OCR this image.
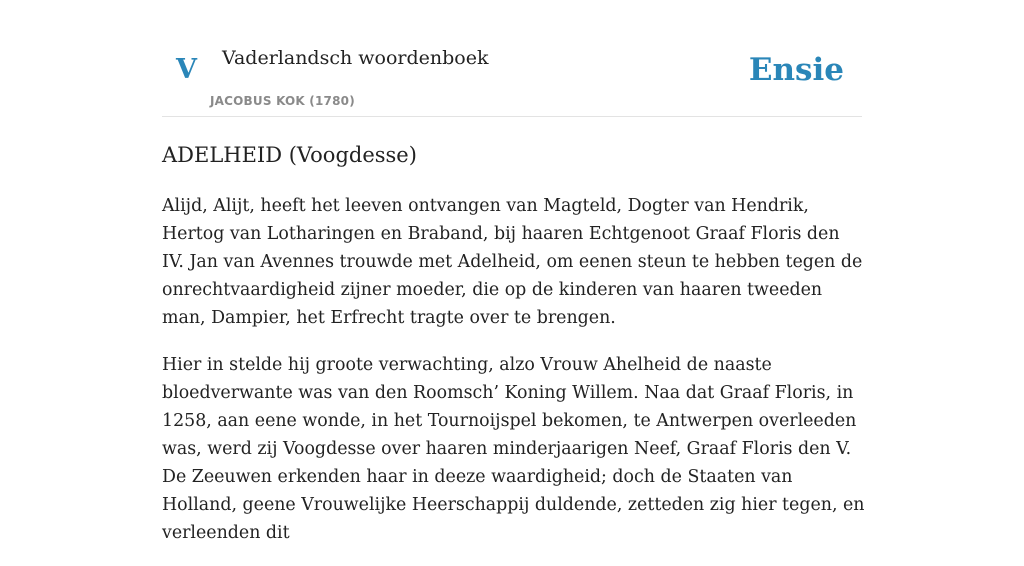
V Vaderlandsch woordenboek
JACOBUS KOK (1780)
Ensie
ADELHEID (Voogdesse)

Alijd, Alijt, heeft het leeven ontvangen van Magteld, Dogter van Hendrik, Hertog van Lotharingen en Braband, bij haaren Echtgenoot Graaf Floris den IV. Jan van Avennes trouwde met Adelheid, om eenen steun te hebben tegen de onrechtvaardigheid zijner moeder, die op de kinderen van haaren tweeden man, Dampier, het Erfrecht tragte over te brengen.

Hier in stelde hij groote verwachting, alzo Vrouw Ahelheid de naaste bloedverwante was van den Roomsch’ Koning Willem. Naa dat Graaf Floris, in 1258, aan eene wonde, in het Tournoijspel bekomen, te Antwerpen overleeden was, werd zij Voogdesse over haaren minderjaarigen Neef, Graaf Floris den V. De Zeeuwen erkenden haar in deeze waardigheid; doch de Staaten van Holland, geene Vrouwelijke Heerschappij duldende, zetteden zig hier tegen, en verleenden dit
